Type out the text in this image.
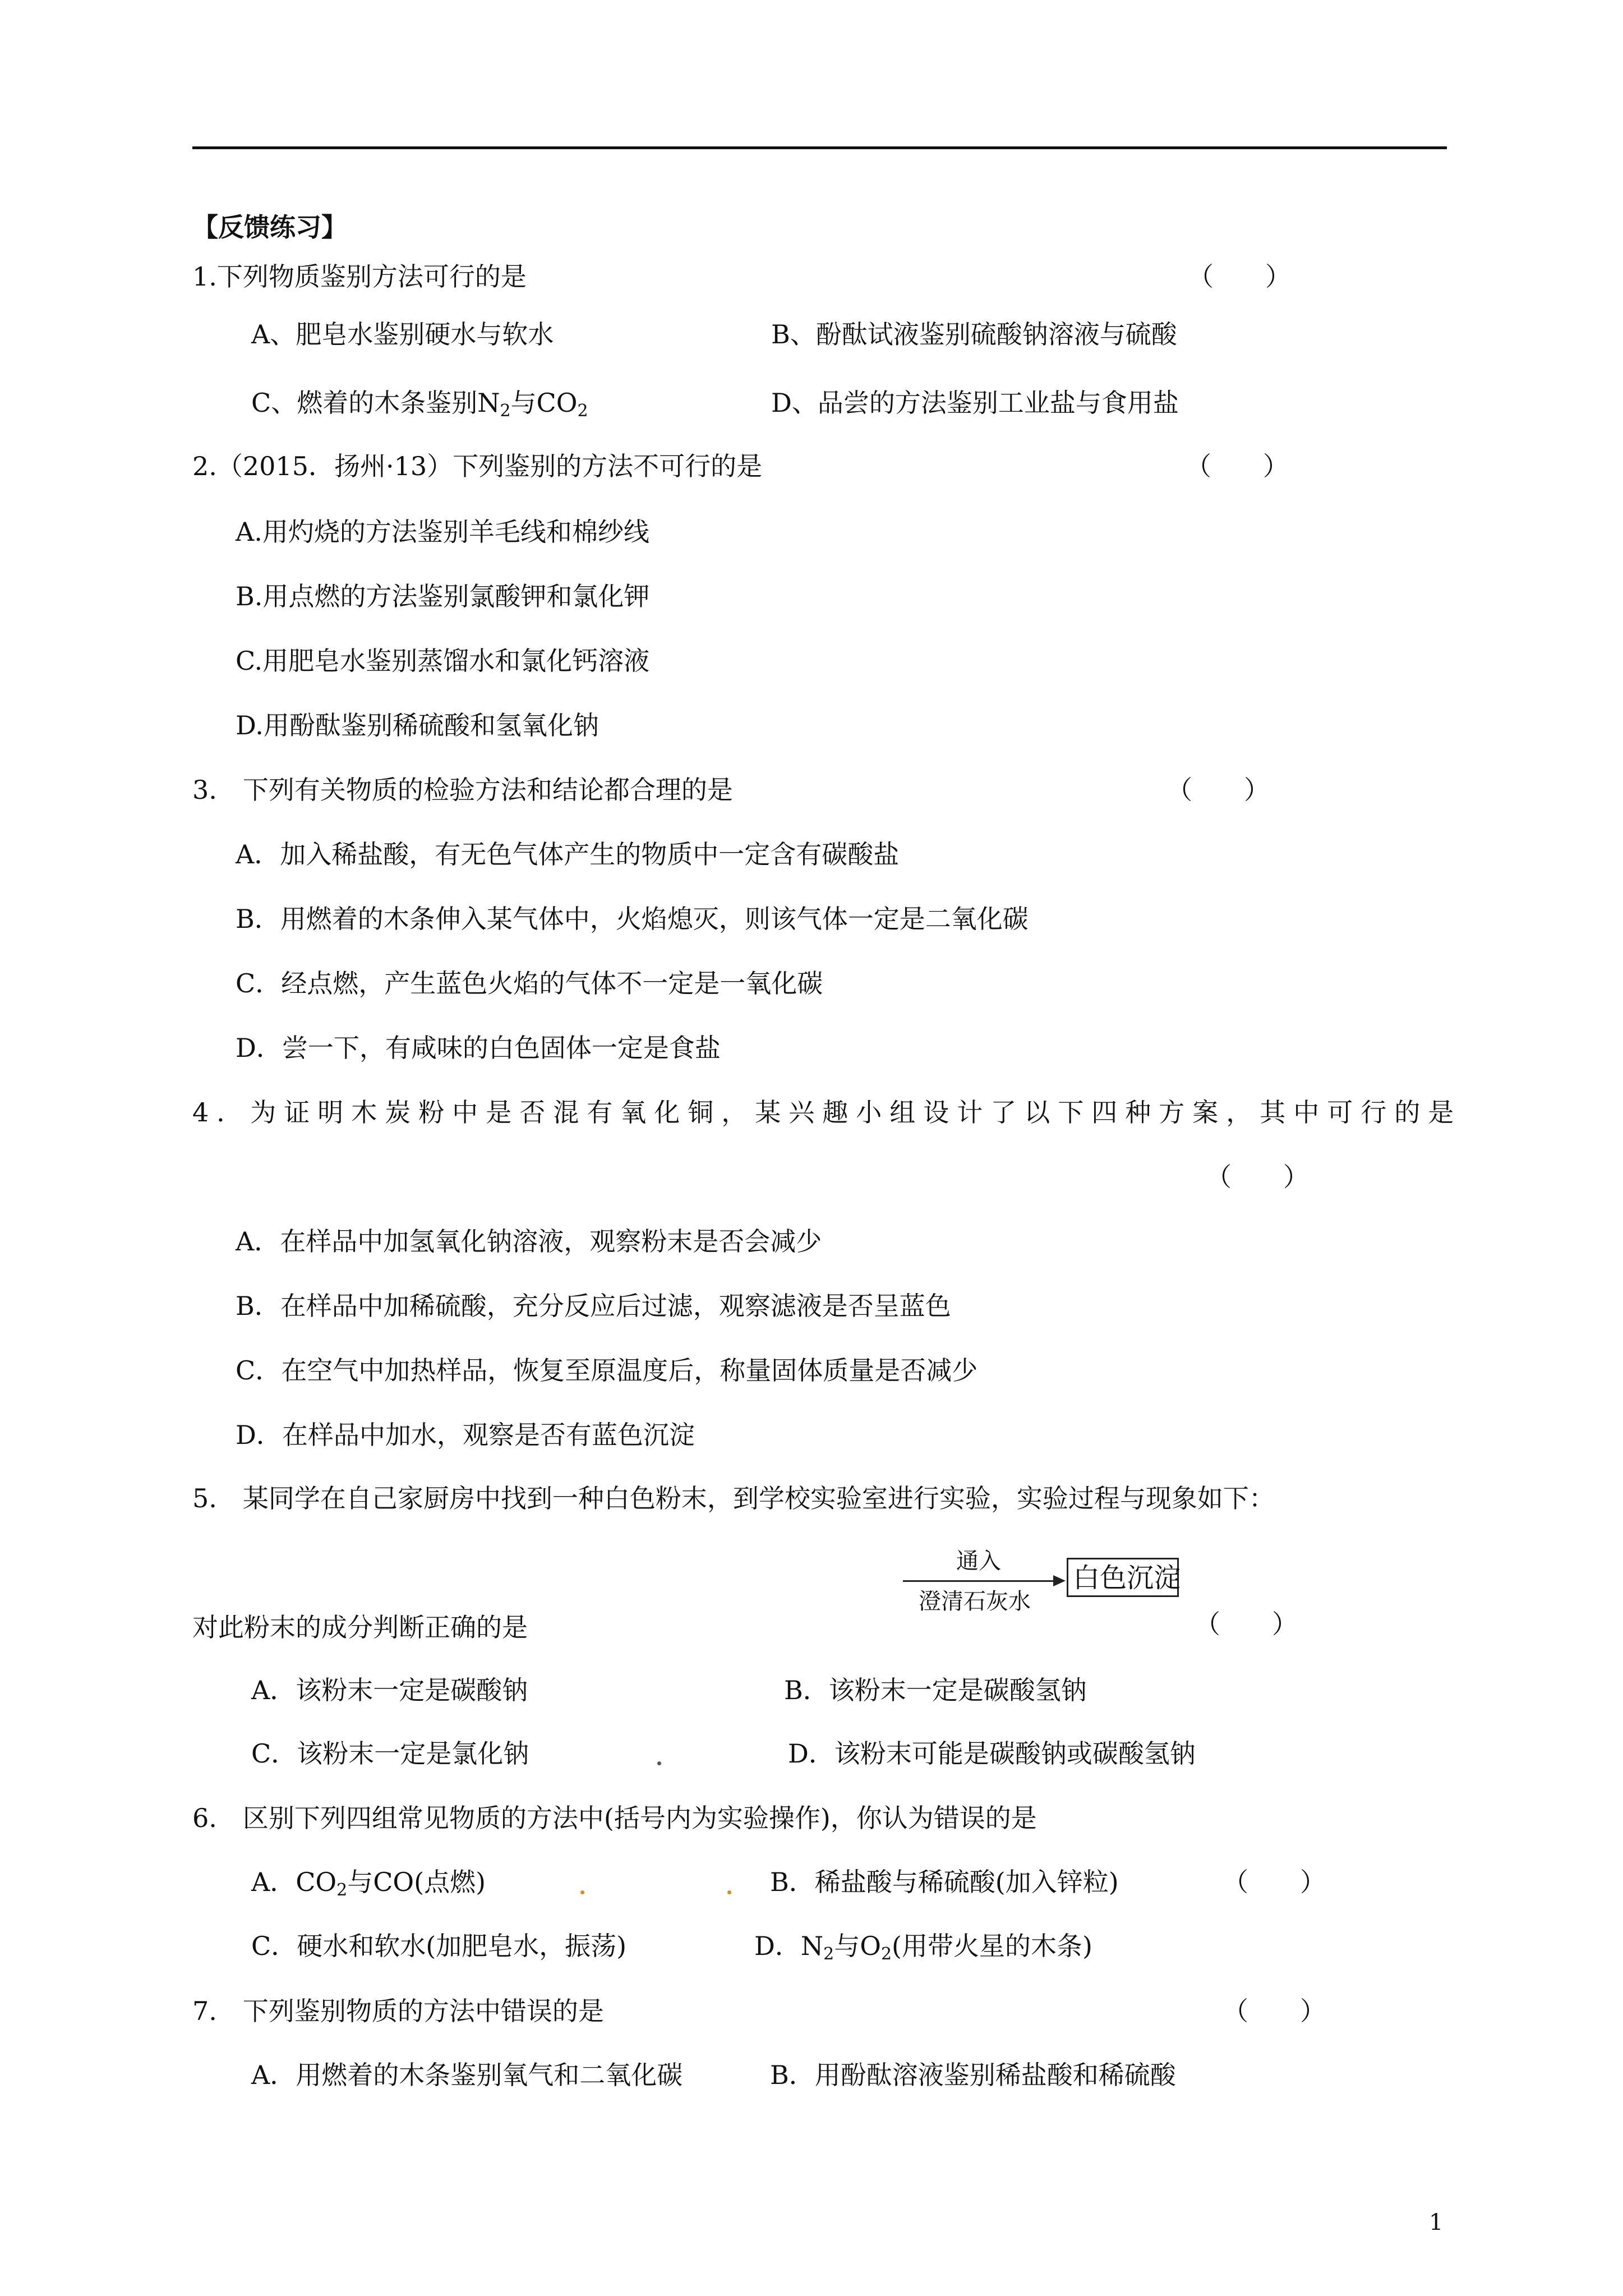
【反馈练习】
1.下列物质鉴别方法可行的是	（　　）
A、肥皂水鉴别硬水与软水	B、酚酞试液鉴别硫酸钠溶液与硫酸
C、燃着的木条鉴别$N_2$与$CO_2$	D、品尝的方法鉴别工业盐与食用盐
2.（2015．扬州·13）下列鉴别的方法不可行的是	（　　）
A.用灼烧的方法鉴别羊毛线和棉纱线
B.用点燃的方法鉴别氯酸钾和氯化钾
C.用肥皂水鉴别蒸馏水和氯化钙溶液
D.用酚酞鉴别稀硫酸和氢氧化钠
3.　下列有关物质的检验方法和结论都合理的是	（　　）
A．加入稀盐酸，有无色气体产生的物质中一定含有碳酸盐
B．用燃着的木条伸入某气体中，火焰熄灭，则该气体一定是二氧化碳
C．经点燃，产生蓝色火焰的气体不一定是一氧化碳
D．尝一下，有咸味的白色固体一定是食盐
4．为证明木炭粉中是否混有氧化铜，某兴趣小组设计了以下四种方案，其中可行的是
（　　）
A．在样品中加氢氧化钠溶液，观察粉末是否会减少
B．在样品中加稀硫酸，充分反应后过滤，观察滤液是否呈蓝色
C．在空气中加热样品，恢复至原温度后，称量固体质量是否减少
D．在样品中加水，观察是否有蓝色沉淀
5.　某同学在自己家厨房中找到一种白色粉末，到学校实验室进行实验，实验过程与现象如下：
通入
澄清石灰水
白色沉淀
对此粉末的成分判断正确的是	（　　）
A．该粉末一定是碳酸钠	B．该粉末一定是碳酸氢钠
C．该粉末一定是氯化钠	D．该粉末可能是碳酸钠或碳酸氢钠
6.　区别下列四组常见物质的方法中(括号内为实验操作)，你认为错误的是
A．$CO_2$与CO(点燃)	B．稀盐酸与稀硫酸(加入锌粒)	（　　）
C．硬水和软水(加肥皂水，振荡)	D．$N_2$与$O_2$(用带火星的木条)
7.　下列鉴别物质的方法中错误的是	（　　）
A．用燃着的木条鉴别氧气和二氧化碳	B．用酚酞溶液鉴别稀盐酸和稀硫酸
1
